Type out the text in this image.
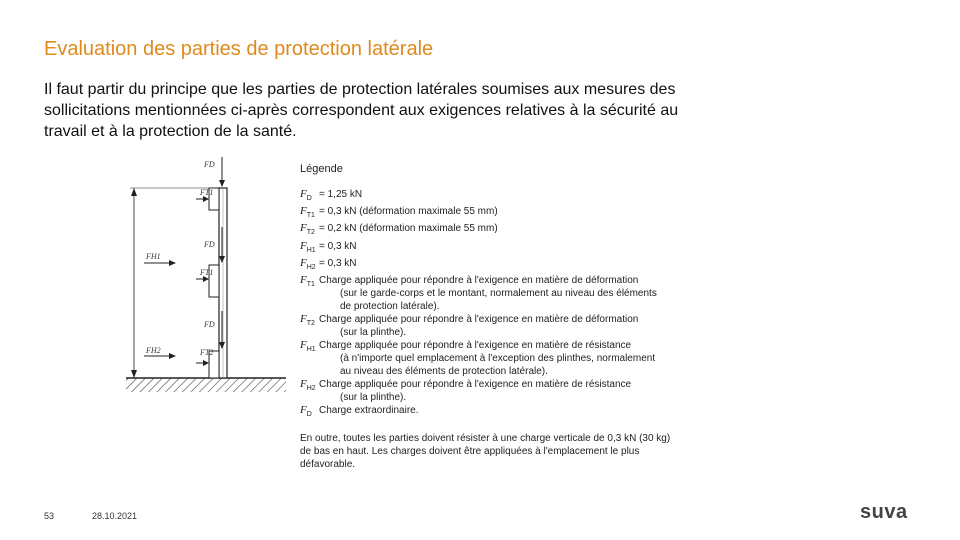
Evaluation des parties de protection latérale
Il faut partir du principe que les parties de protection latérales soumises aux mesures des sollicitations mentionnées ci-après correspondent aux exigences relatives à la sécurité au travail et à la protection de la santé.
FD
FT1
FD
FT1
FD
FH1
FH2	FT2
Légende
$F_D = 1,25$ kN
$F_{T1} = 0,3$ kN (déformation maximale 55 mm)
$F_{T2} = 0,2$ kN (déformation maximale 55 mm)
$F_{H1} = 0,3$ kN
$F_{H2} = 0,3$ kN
$F_{T1}$ Charge appliquée pour répondre à l'exigence en matière de déformation
(sur le garde-corps et le montant, normalement au niveau des éléments
de protection latérale).
$F_{T2}$ Charge appliquée pour répondre à l'exigence en matière de déformation
(sur la plinthe).
$F_{H1}$ Charge appliquée pour répondre à l'exigence en matière de résistance
(à n'importe quel emplacement à l'exception des plinthes, normalement
au niveau des éléments de protection latérale).
$F_{H2}$ Charge appliquée pour répondre à l'exigence en matière de résistance
(sur la plinthe).
$F_D$ Charge extraordinaire.
En outre, toutes les parties doivent résister à une charge verticale de 0,3 kN (30 kg) de bas en haut. Les charges doivent être appliquées à l'emplacement le plus défavorable.
53	28.10.2021	suva
